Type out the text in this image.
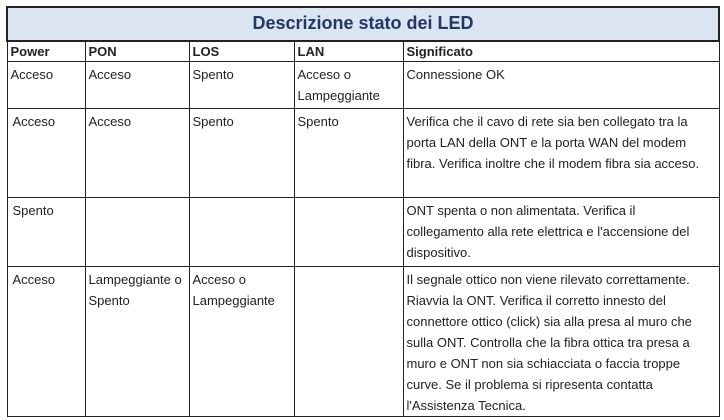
Descrizione stato dei LED				
Power	PON	LOS	LAN	Significato
Acceso	Acceso	Spento	Acceso o Lampeggiante	Connessione OK
Acceso	Acceso	Spento	Spento	Verifica che il cavo di rete sia ben collegato tra la porta LAN della ONT e la porta WAN del modem fibra. Verifica inoltre che il modem fibra sia acceso.
Spento				ONT spenta o non alimentata. Verifica il collegamento alla rete elettrica e l'accensione del dispositivo.
Acceso	Lampeggiante o Spento	Acceso o Lampeggiante		Il segnale ottico non viene rilevato correttamente. Riavvia la ONT. Verifica il corretto innesto del connettore ottico (click) sia alla presa al muro che sulla ONT. Controlla che la fibra ottica tra presa a muro e ONT non sia schiacciata o faccia troppe curve. Se il problema si ripresenta contatta l'Assistenza Tecnica.
